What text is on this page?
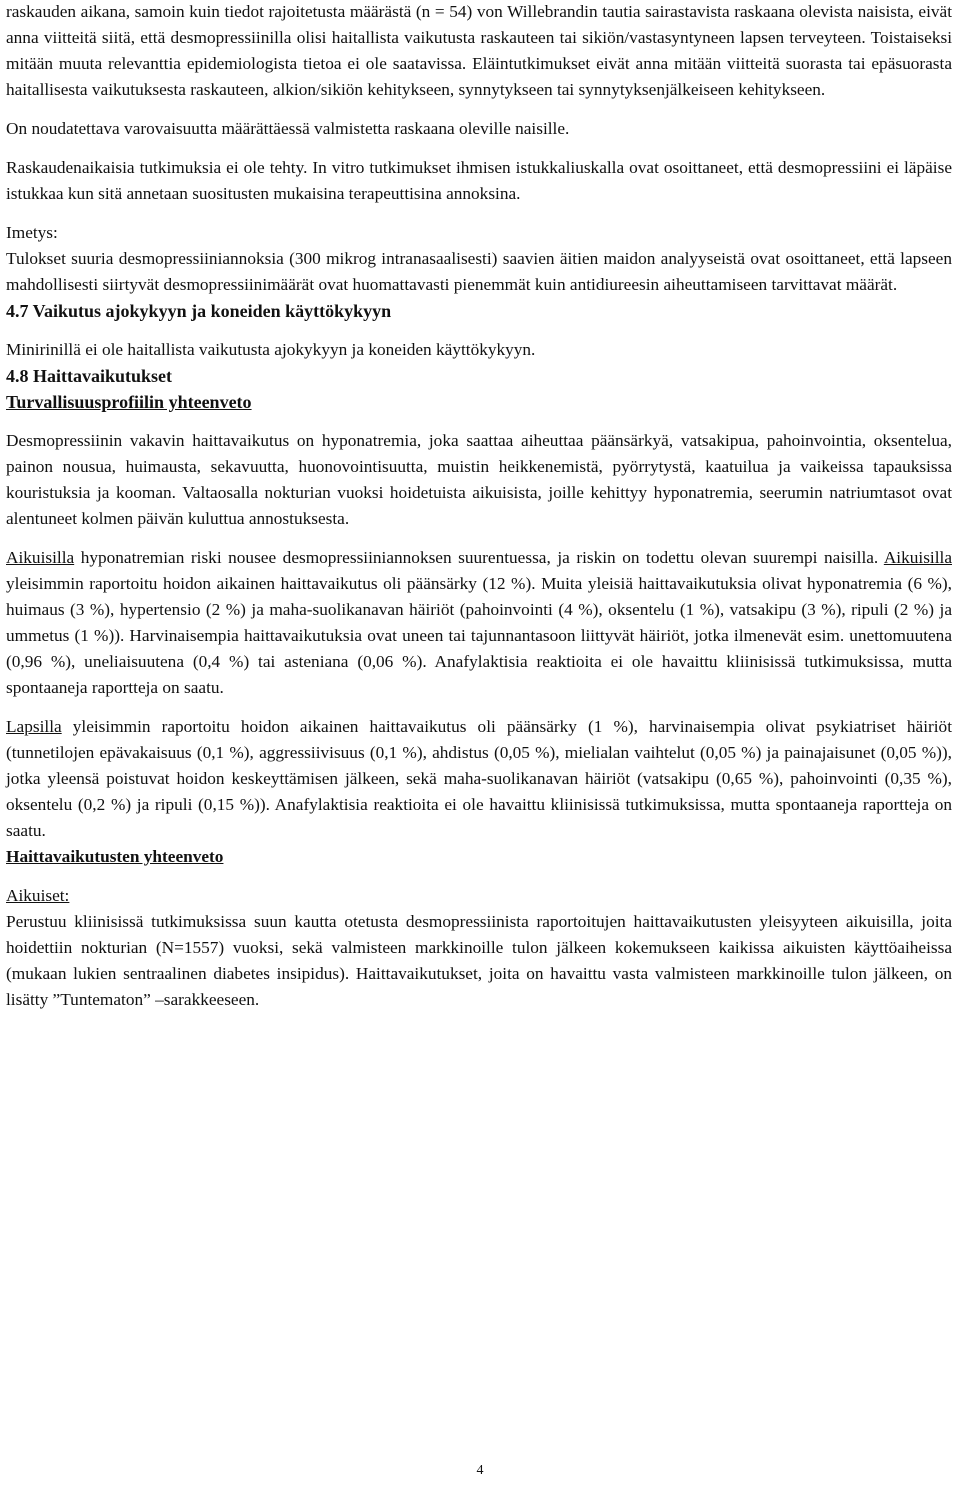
raskauden aikana, samoin kuin tiedot rajoitetusta määrästä (n = 54) von Willebrandin tautia sairastavista raskaana olevista naisista, eivät anna viitteitä siitä, että desmopressiinilla olisi haitallista vaikutusta raskauteen tai sikiön/vastasyntyneen lapsen terveyteen. Toistaiseksi mitään muuta relevanttia epidemiologista tietoa ei ole saatavissa. Eläintutkimukset eivät anna mitään viitteitä suorasta tai epäsuorasta haitallisesta vaikutuksesta raskauteen, alkion/sikiön kehitykseen, synnytykseen tai synnytyksenjälkeiseen kehitykseen.

On noudatettava varovaisuutta määrättäessä valmistetta raskaana oleville naisille.

Raskaudenaikaisia tutkimuksia ei ole tehty. In vitro tutkimukset ihmisen istukkaliuskalla ovat osoittaneet, että desmopressiini ei läpäise istukkaa kun sitä annetaan suositusten mukaisina terapeuttisina annoksina.

Imetys:

Tulokset suuria desmopressiiniannoksia (300 mikrog intranasaalisesti) saavien äitien maidon analyyseistä ovat osoittaneet, että lapseen mahdollisesti siirtyvät desmopressiinimäärät ovat huomattavasti pienemmät kuin antidiureesin aiheuttamiseen tarvittavat määrät.

4.7 Vaikutus ajokykyyn ja koneiden käyttökykyyn

Minirinillä ei ole haitallista vaikutusta ajokykyyn ja koneiden käyttökykyyn.

4.8 Haittavaikutukset

Turvallisuusprofiilin yhteenveto

Desmopressiinin vakavin haittavaikutus on hyponatremia, joka saattaa aiheuttaa päänsärkyä, vatsakipua, pahoinvointia, oksentelua, painon nousua, huimausta, sekavuutta, huonovointisuutta, muistin heikkenemistä, pyörrytystä, kaatuilua ja vaikeissa tapauksissa kouristuksia ja kooman. Valtaosalla nokturian vuoksi hoidetuista aikuisista, joille kehittyy hyponatremia, seerumin natriumtasot ovat alentuneet kolmen päivän kuluttua annostuksesta.

Aikuisilla hyponatremian riski nousee desmopressiiniannoksen suurentuessa, ja riskin on todettu olevan suurempi naisilla. Aikuisilla yleisimmin raportoitu hoidon aikainen haittavaikutus oli päänsärky (12 %). Muita yleisiä haittavaikutuksia olivat hyponatremia (6 %), huimaus (3 %), hypertensio (2 %) ja maha-suolikanavan häiriöt (pahoinvointi (4 %), oksentelu (1 %), vatsakipu (3 %), ripuli (2 %) ja ummetus (1 %)). Harvinaisempia haittavaikutuksia ovat uneen tai tajunnantasoon liittyvät häiriöt, jotka ilmenevät esim. unettomuutena (0,96 %), uneliaisuutena (0,4 %) tai asteniana (0,06 %). Anafylaktisia reaktioita ei ole havaittu kliinisissä tutkimuksissa, mutta spontaaneja raportteja on saatu.

Lapsilla yleisimmin raportoitu hoidon aikainen haittavaikutus oli päänsärky (1 %), harvinaisempia olivat psykiatriset häiriöt (tunnetilojen epävakaisuus (0,1 %), aggressiivisuus (0,1 %), ahdistus (0,05 %), mielialan vaihtelut (0,05 %) ja painajaisunet (0,05 %)), jotka yleensä poistuvat hoidon keskeyttämisen jälkeen, sekä maha-suolikanavan häiriöt (vatsakipu (0,65 %), pahoinvointi (0,35 %), oksentelu (0,2 %) ja ripuli (0,15 %)). Anafylaktisia reaktioita ei ole havaittu kliinisissä tutkimuksissa, mutta spontaaneja raportteja on saatu.

Haittavaikutusten yhteenveto

Aikuiset:

Perustuu kliinisissä tutkimuksissa suun kautta otetusta desmopressiinista raportoitujen haittavaikutusten yleisyyteen aikuisilla, joita hoidettiin nokturian (N=1557) vuoksi, sekä valmisteen markkinoille tulon jälkeen kokemukseen kaikissa aikuisten käyttöaiheissa (mukaan lukien sentraalinen diabetes insipidus). Haittavaikutukset, joita on havaittu vasta valmisteen markkinoille tulon jälkeen, on lisätty ”Tuntematon” –sarakkeeseen.

4
